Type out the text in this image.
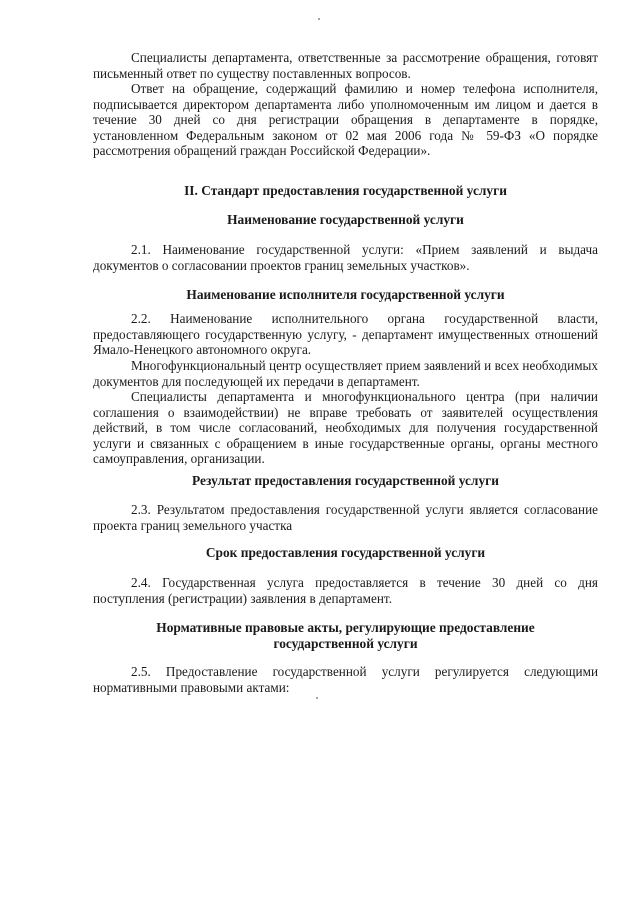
Специалисты департамента, ответственные за рассмотрение обращения, готовят письменный ответ по существу поставленных вопросов.

Ответ на обращение, содержащий фамилию и номер телефона исполнителя, подписывается директором департамента либо уполномоченным им лицом и дается в течение 30 дней со дня регистрации обращения в департаменте в порядке, установленном Федеральным законом от 02 мая 2006 года № 59-ФЗ «О порядке рассмотрения обращений граждан Российской Федерации».

II. Стандарт предоставления государственной услуги
Наименование государственной услуги

2.1. Наименование государственной услуги: «Прием заявлений и выдача документов о согласовании проектов границ земельных участков».

Наименование исполнителя государственной услуги

2.2. Наименование исполнительного органа государственной власти, предоставляющего государственную услугу, - департамент имущественных отношений Ямало-Ненецкого автономного округа.

Многофункциональный центр осуществляет прием заявлений и всех необходимых документов для последующей их передачи в департамент.

Специалисты департамента и многофункционального центра (при наличии соглашения о взаимодействии) не вправе требовать от заявителей осуществления действий, в том числе согласований, необходимых для получения государственной услуги и связанных с обращением в иные государственные органы, органы местного самоуправления, организации.

Результат предоставления государственной услуги

2.3. Результатом предоставления государственной услуги является согласование проекта границ земельного участка

Срок предоставления государственной услуги

2.4. Государственная услуга предоставляется в течение 30 дней со дня поступления (регистрации) заявления в департамент.

Нормативные правовые акты, регулирующие предоставление
государственной услуги

2.5. Предоставление государственной услуги регулируется следующими нормативными правовыми актами:
